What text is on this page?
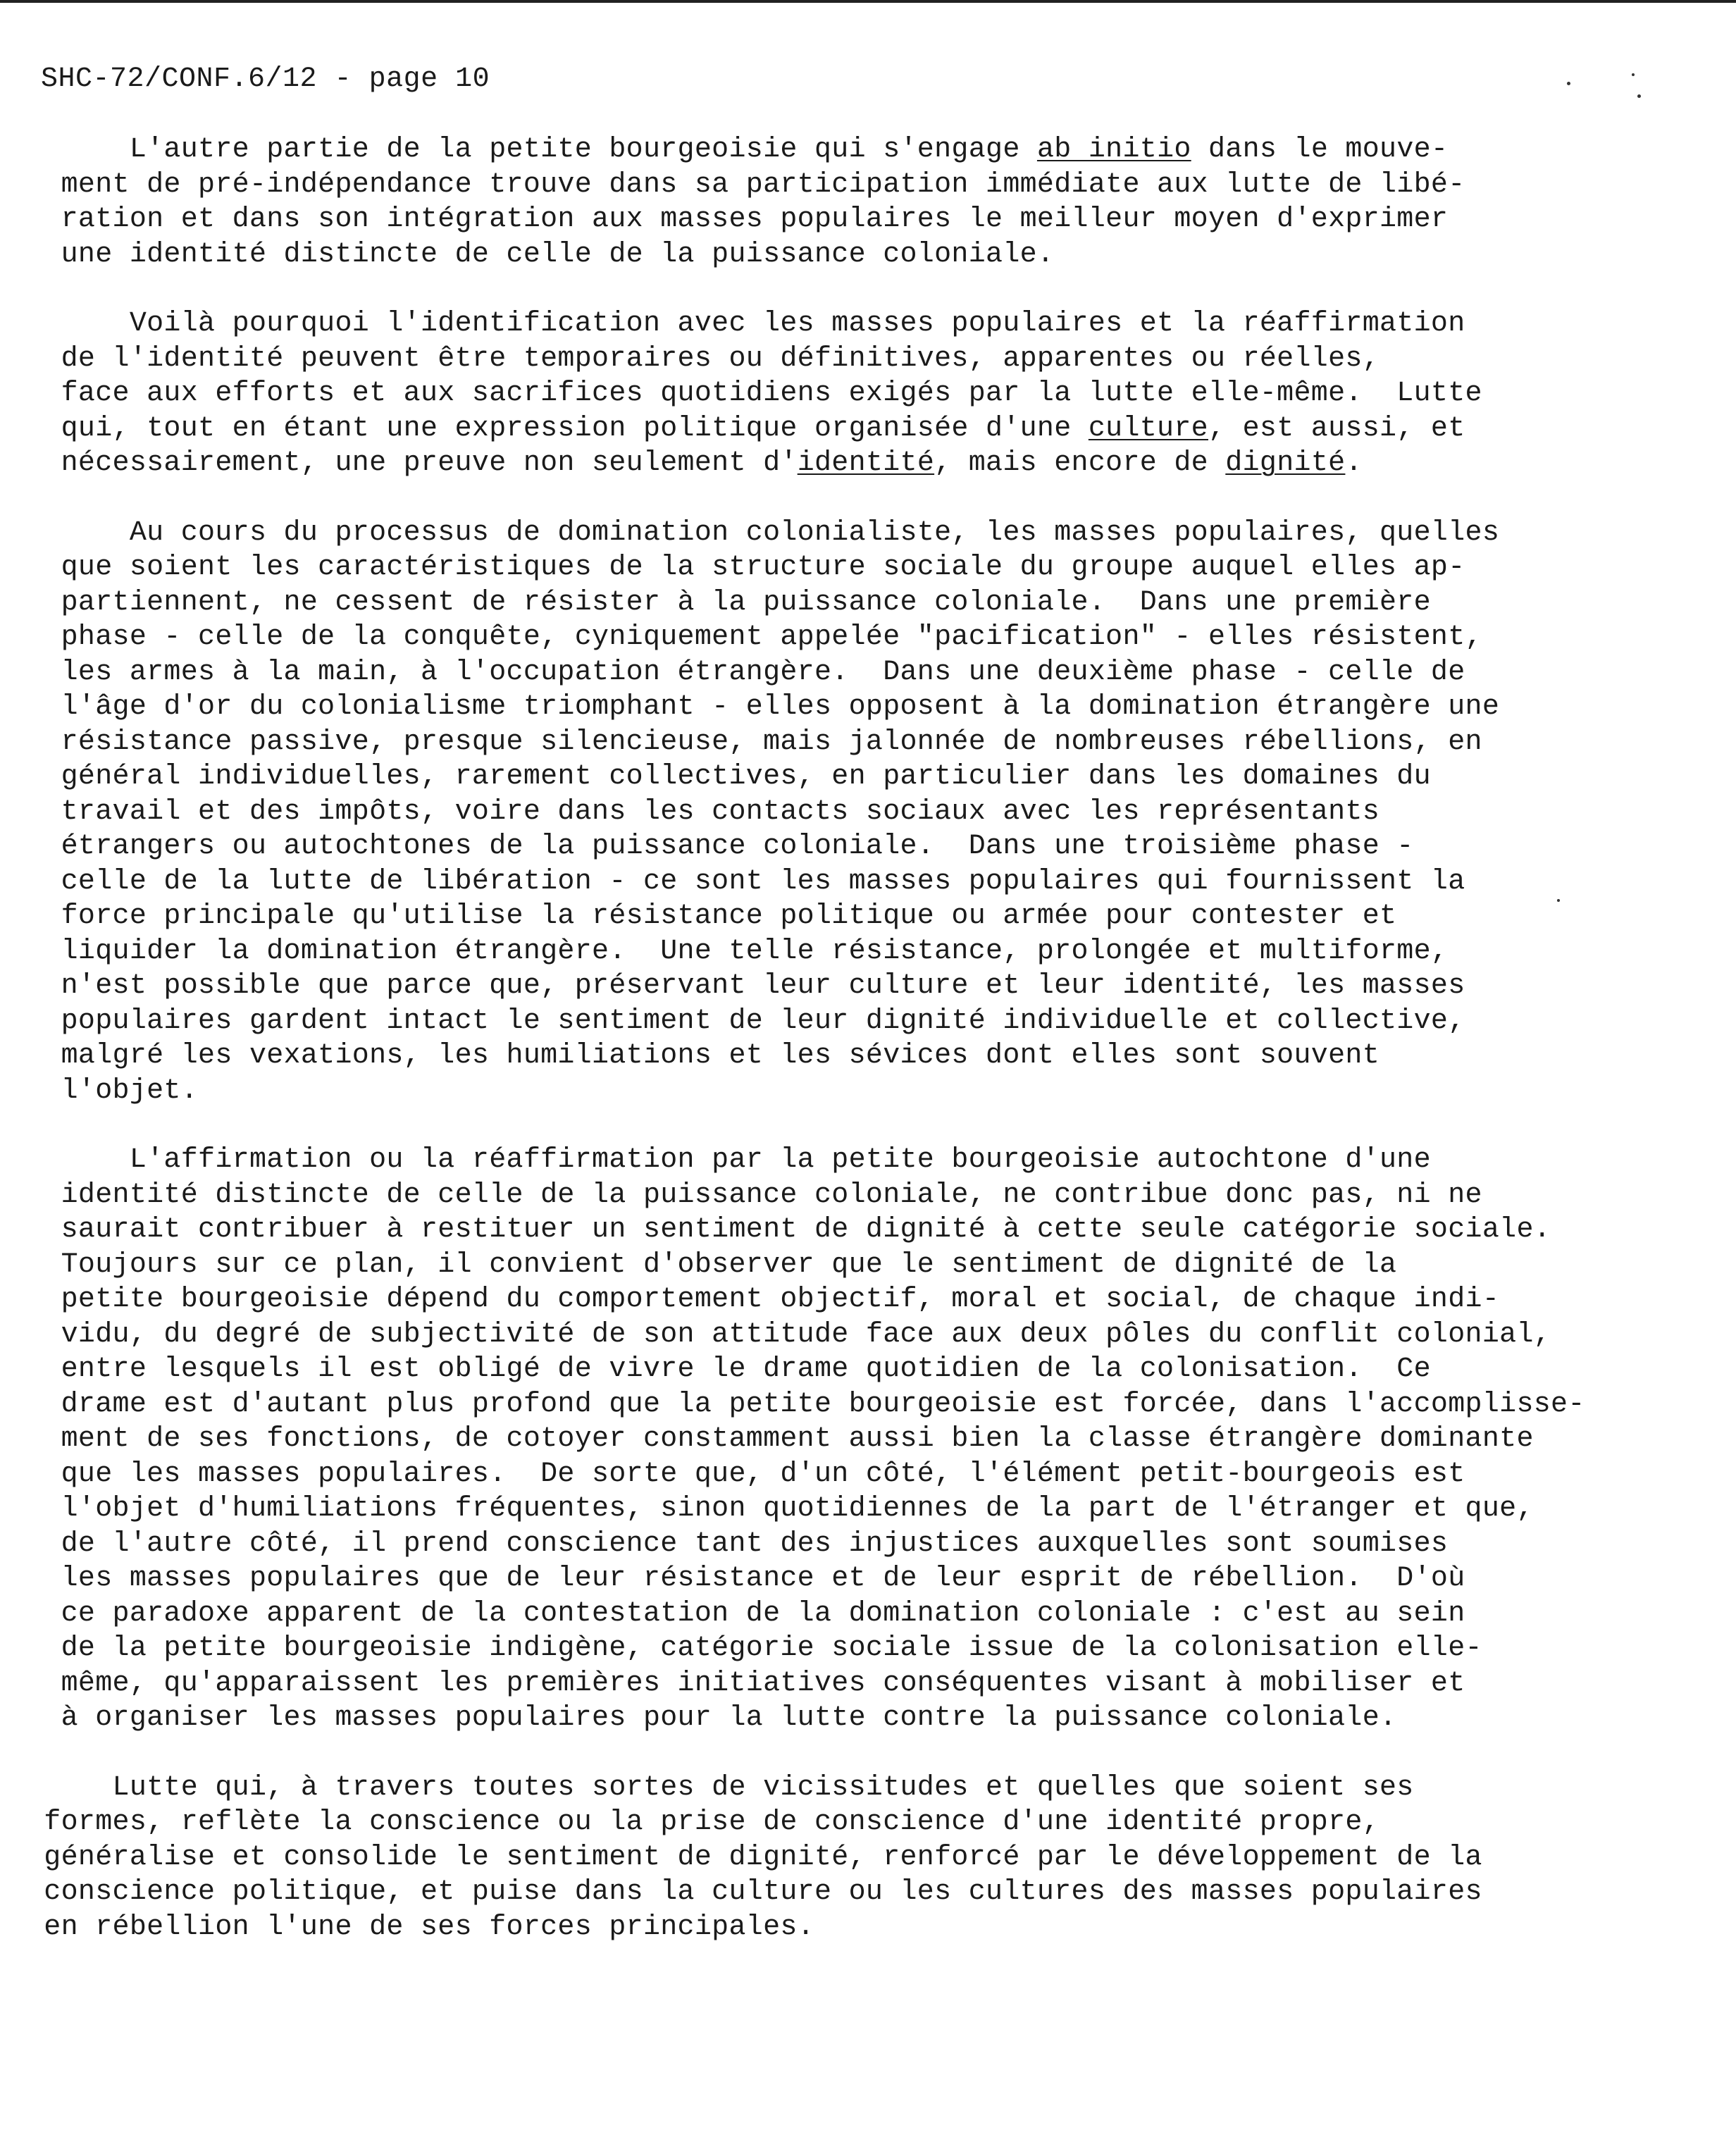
SHC-72/CONF.6/12 - page 10
L'autre partie de la petite bourgeoisie qui s'engage ab initio dans le mouve-
ment de pré-indépendance trouve dans sa participation immédiate aux lutte de libé-
ration et dans son intégration aux masses populaires le meilleur moyen d'exprimer
une identité distincte de celle de la puissance coloniale.
Voilà pourquoi l'identification avec les masses populaires et la réaffirmation
de l'identité peuvent être temporaires ou définitives, apparentes ou réelles,
face aux efforts et aux sacrifices quotidiens exigés par la lutte elle-même.  Lutte
qui, tout en étant une expression politique organisée d'une culture, est aussi, et
nécessairement, une preuve non seulement d'identité, mais encore de dignité.
Au cours du processus de domination colonialiste, les masses populaires, quelles
que soient les caractéristiques de la structure sociale du groupe auquel elles ap-
partiennent, ne cessent de résister à la puissance coloniale.  Dans une première
phase - celle de la conquête, cyniquement appelée "pacification" - elles résistent,
les armes à la main, à l'occupation étrangère.  Dans une deuxième phase - celle de
l'âge d'or du colonialisme triomphant - elles opposent à la domination étrangère une
résistance passive, presque silencieuse, mais jalonnée de nombreuses rébellions, en
général individuelles, rarement collectives, en particulier dans les domaines du
travail et des impôts, voire dans les contacts sociaux avec les représentants
étrangers ou autochtones de la puissance coloniale.  Dans une troisième phase -
celle de la lutte de libération - ce sont les masses populaires qui fournissent la
force principale qu'utilise la résistance politique ou armée pour contester et
liquider la domination étrangère.  Une telle résistance, prolongée et multiforme,
n'est possible que parce que, préservant leur culture et leur identité, les masses
populaires gardent intact le sentiment de leur dignité individuelle et collective,
malgré les vexations, les humiliations et les sévices dont elles sont souvent
l'objet.
L'affirmation ou la réaffirmation par la petite bourgeoisie autochtone d'une
identité distincte de celle de la puissance coloniale, ne contribue donc pas, ni ne
saurait contribuer à restituer un sentiment de dignité à cette seule catégorie sociale.
Toujours sur ce plan, il convient d'observer que le sentiment de dignité de la
petite bourgeoisie dépend du comportement objectif, moral et social, de chaque indi-
vidu, du degré de subjectivité de son attitude face aux deux pôles du conflit colonial,
entre lesquels il est obligé de vivre le drame quotidien de la colonisation.  Ce
drame est d'autant plus profond que la petite bourgeoisie est forcée, dans l'accomplisse-
ment de ses fonctions, de cotoyer constamment aussi bien la classe étrangère dominante
que les masses populaires.  De sorte que, d'un côté, l'élément petit-bourgeois est
l'objet d'humiliations fréquentes, sinon quotidiennes de la part de l'étranger et que,
de l'autre côté, il prend conscience tant des injustices auxquelles sont soumises
les masses populaires que de leur résistance et de leur esprit de rébellion.  D'où
ce paradoxe apparent de la contestation de la domination coloniale : c'est au sein
de la petite bourgeoisie indigène, catégorie sociale issue de la colonisation elle-
même, qu'apparaissent les premières initiatives conséquentes visant à mobiliser et
à organiser les masses populaires pour la lutte contre la puissance coloniale.
Lutte qui, à travers toutes sortes de vicissitudes et quelles que soient ses
formes, reflète la conscience ou la prise de conscience d'une identité propre,
généralise et consolide le sentiment de dignité, renforcé par le développement de la
conscience politique, et puise dans la culture ou les cultures des masses populaires
en rébellion l'une de ses forces principales.
